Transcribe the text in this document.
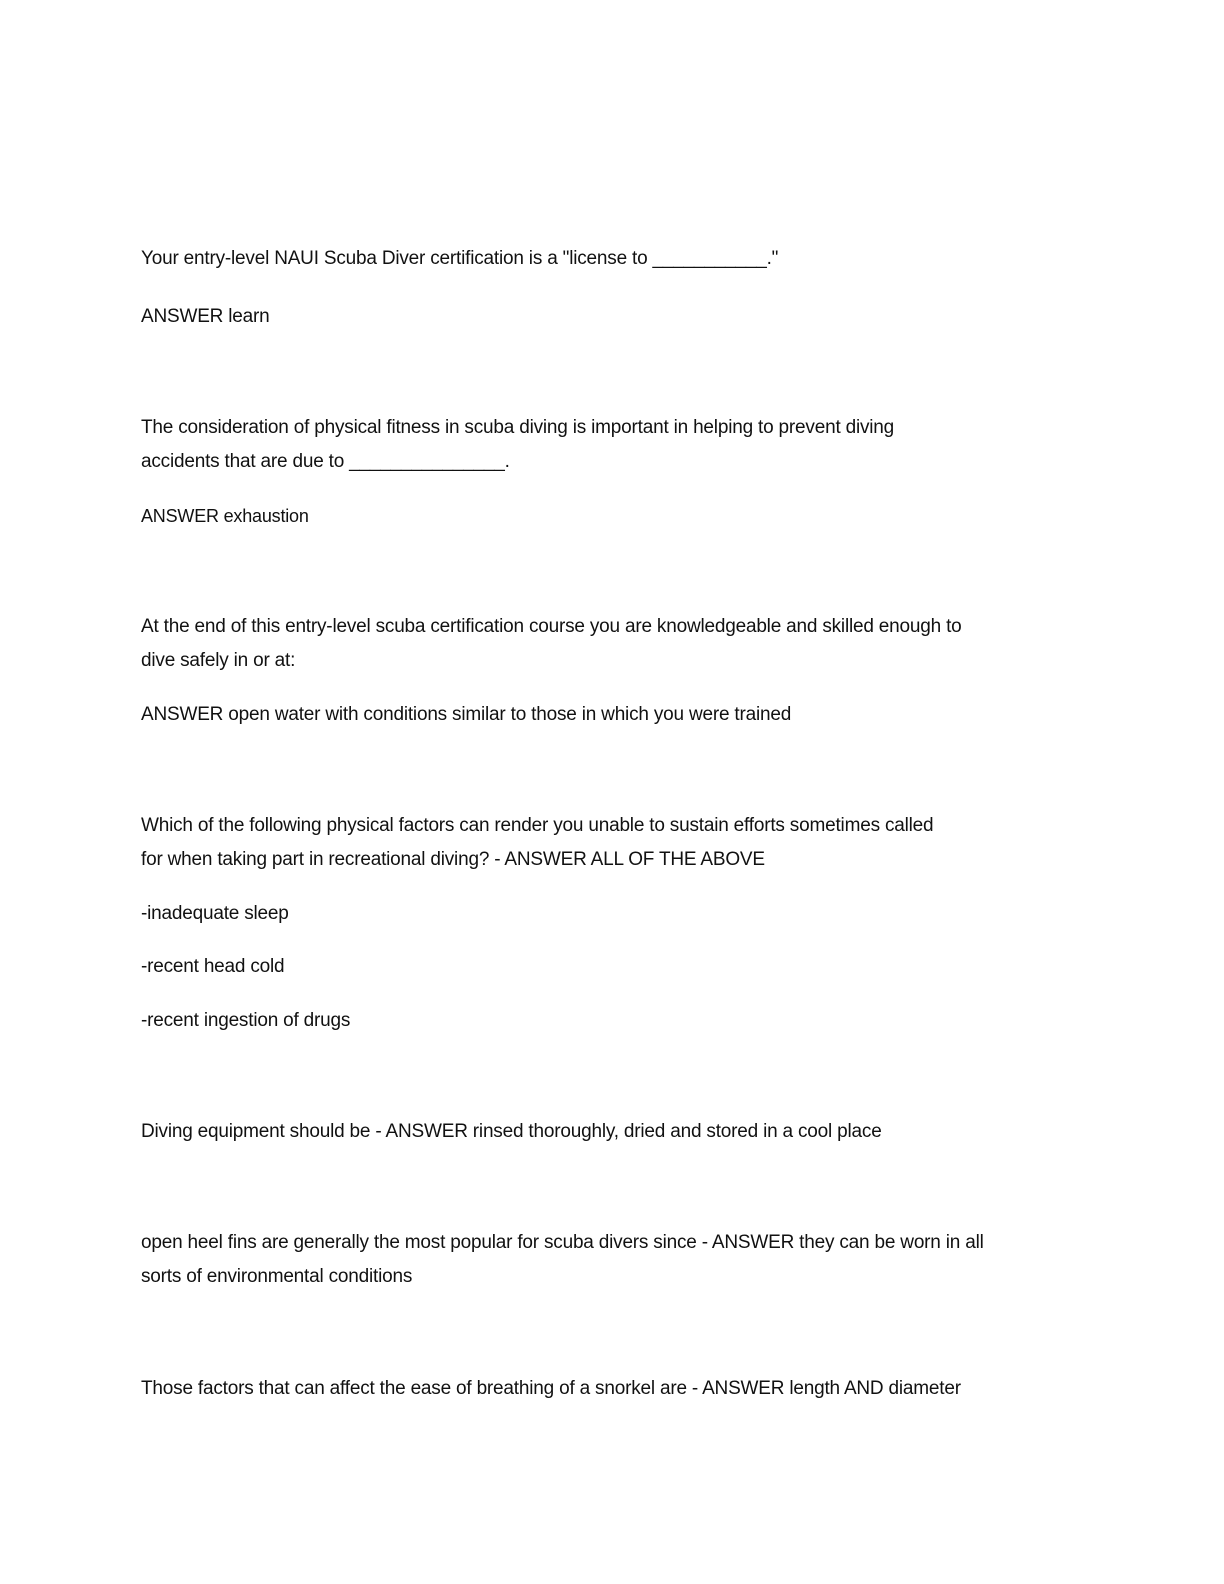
Your entry-level NAUI Scuba Diver certification is a "license to ___________."
ANSWER learn
The consideration of physical fitness in scuba diving is important in helping to prevent diving
accidents that are due to _______________.
ANSWER exhaustion
At the end of this entry-level scuba certification course you are knowledgeable and skilled enough to
dive safely in or at:
ANSWER open water with conditions similar to those in which you were trained
Which of the following physical factors can render you unable to sustain efforts sometimes called
for when taking part in recreational diving? - ANSWER ALL OF THE ABOVE
-inadequate sleep
-recent head cold
-recent ingestion of drugs
Diving equipment should be - ANSWER rinsed thoroughly, dried and stored in a cool place
open heel fins are generally the most popular for scuba divers since - ANSWER they can be worn in all
sorts of environmental conditions
Those factors that can affect the ease of breathing of a snorkel are - ANSWER length AND diameter
